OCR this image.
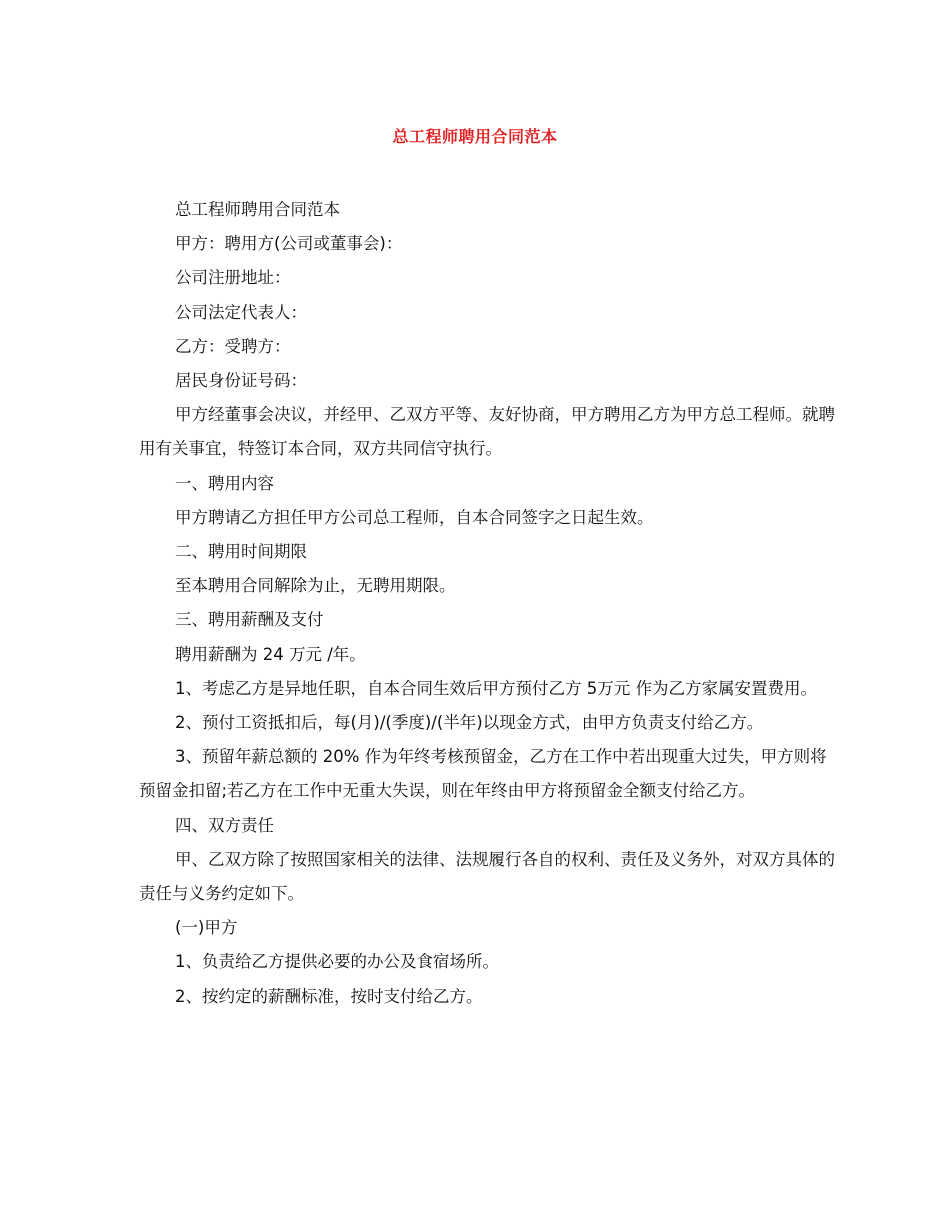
总工程师聘用合同范本

总工程师聘用合同范本

甲方：聘用方(公司或董事会)：

公司注册地址：

公司法定代表人：

乙方：受聘方：

居民身份证号码：

甲方经董事会决议，并经甲、乙双方平等、友好协商，甲方聘用乙方为甲方总工程师。就聘用有关事宜，特签订本合同，双方共同信守执行。

一、聘用内容

甲方聘请乙方担任甲方公司总工程师，自本合同签字之日起生效。

二、聘用时间期限

至本聘用合同解除为止，无聘用期限。

三、聘用薪酬及支付

聘用薪酬为 24 万元 /年。

1、考虑乙方是异地任职，自本合同生效后甲方预付乙方 5万元 作为乙方家属安置费用。

2、预付工资抵扣后，每(月)/(季度)/(半年)以现金方式，由甲方负责支付给乙方。

3、预留年薪总额的 20% 作为年终考核预留金，乙方在工作中若出现重大过失，甲方则将预留金扣留;若乙方在工作中无重大失误，则在年终由甲方将预留金全额支付给乙方。

四、双方责任

甲、乙双方除了按照国家相关的法律、法规履行各自的权利、责任及义务外，对双方具体的责任与义务约定如下。

(一)甲方

1、负责给乙方提供必要的办公及食宿场所。

2、按约定的薪酬标准，按时支付给乙方。
